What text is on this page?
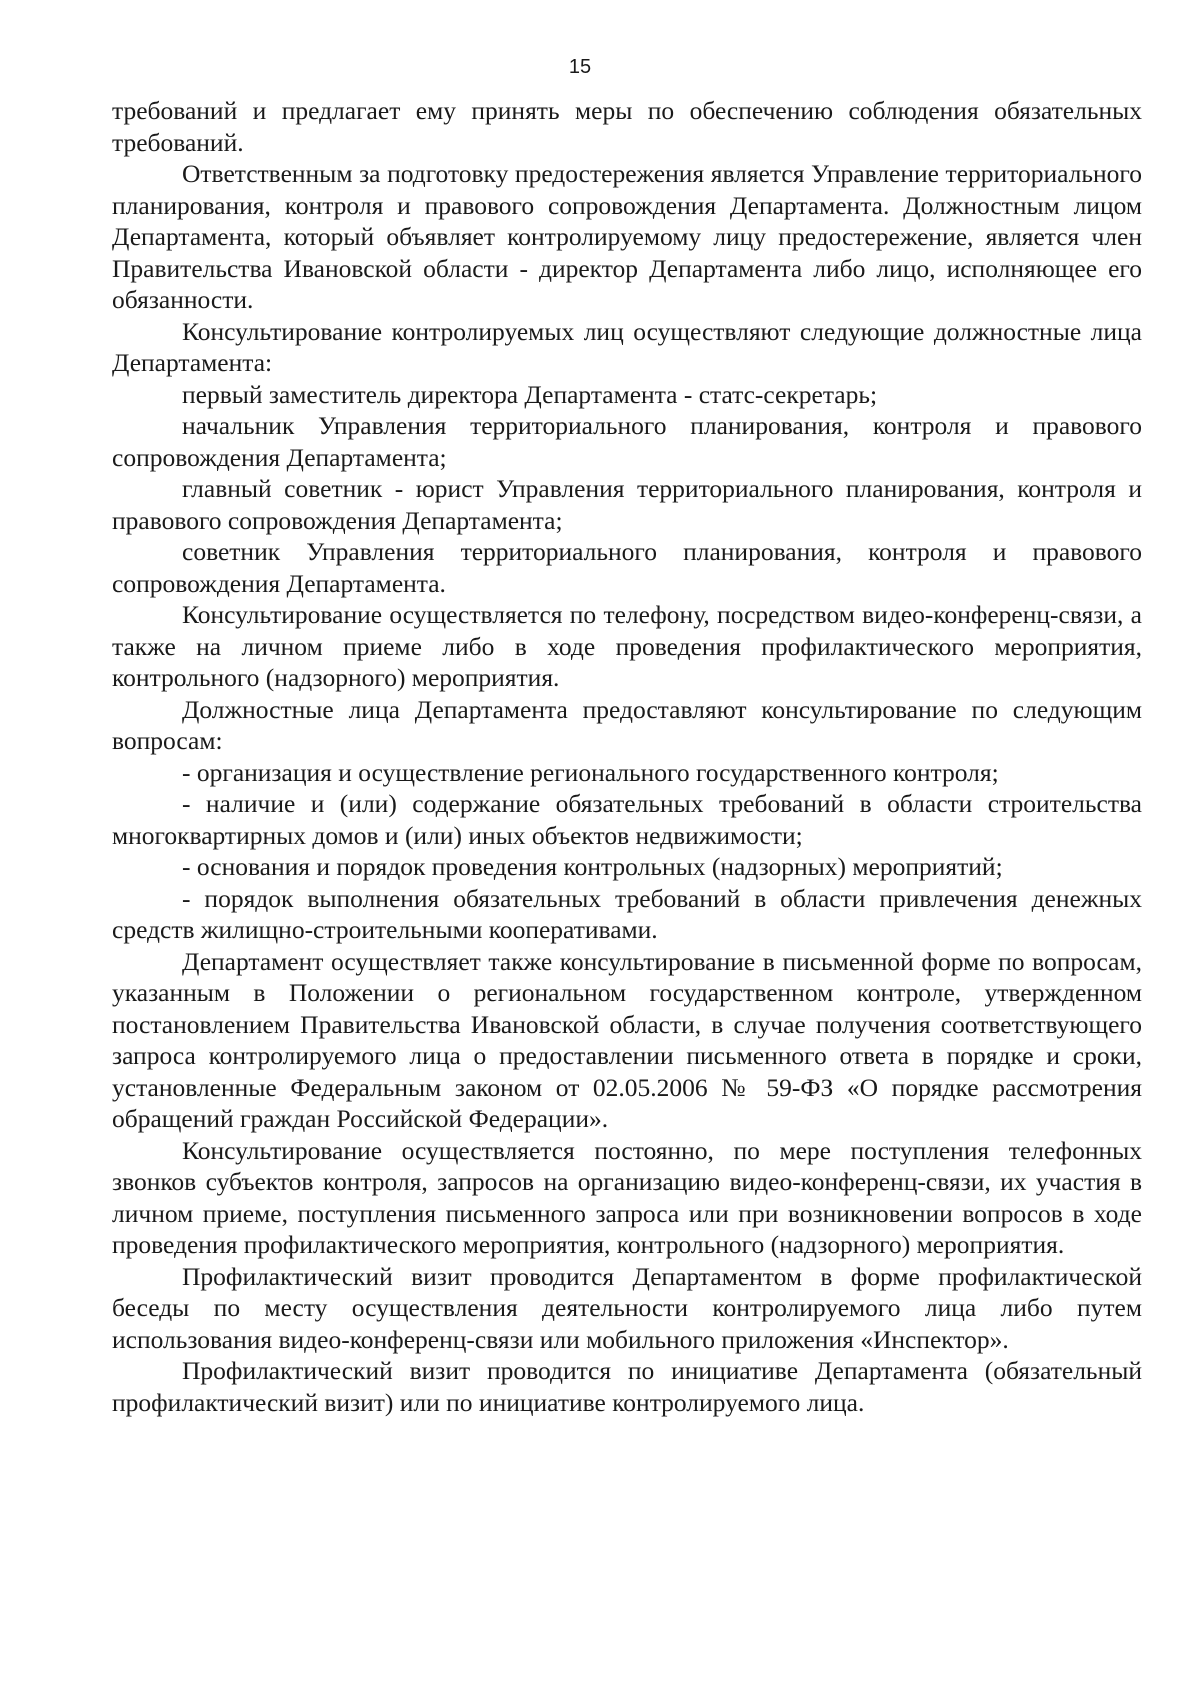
15

требований и предлагает ему принять меры по обеспечению соблюдения обязательных требований.

Ответственным за подготовку предостережения является Управление территориального планирования, контроля и правового сопровождения Департамента. Должностным лицом Департамента, который объявляет контролируемому лицу предостережение, является член Правительства Ивановской области - директор Департамента либо лицо, исполняющее его обязанности.

Консультирование контролируемых лиц осуществляют следующие должностные лица Департамента:

первый заместитель директора Департамента - статс-секретарь;

начальник Управления территориального планирования, контроля и правового сопровождения Департамента;

главный советник - юрист Управления территориального планирования, контроля и правового сопровождения Департамента;

советник Управления территориального планирования, контроля и правового сопровождения Департамента.

Консультирование осуществляется по телефону, посредством видео-конференц-связи, а также на личном приеме либо в ходе проведения профилактического мероприятия, контрольного (надзорного) мероприятия.

Должностные лица Департамента предоставляют консультирование по следующим вопросам:

- организация и осуществление регионального государственного контроля;

- наличие и (или) содержание обязательных требований в области строительства многоквартирных домов и (или) иных объектов недвижимости;

- основания и порядок проведения контрольных (надзорных) мероприятий;

- порядок выполнения обязательных требований в области привлечения денежных средств жилищно-строительными кооперативами.

Департамент осуществляет также консультирование в письменной форме по вопросам, указанным в Положении о региональном государственном контроле, утвержденном постановлением Правительства Ивановской области, в случае получения соответствующего запроса контролируемого лица о предоставлении письменного ответа в порядке и сроки, установленные Федеральным законом от 02.05.2006 № 59-ФЗ «О порядке рассмотрения обращений граждан Российской Федерации».

Консультирование осуществляется постоянно, по мере поступления телефонных звонков субъектов контроля, запросов на организацию видео-конференц-связи, их участия в личном приеме, поступления письменного запроса или при возникновении вопросов в ходе проведения профилактического мероприятия, контрольного (надзорного) мероприятия.

Профилактический визит проводится Департаментом в форме профилактической беседы по месту осуществления деятельности контролируемого лица либо путем использования видео-конференц-связи или мобильного приложения «Инспектор».

Профилактический визит проводится по инициативе Департамента (обязательный профилактический визит) или по инициативе контролируемого лица.
